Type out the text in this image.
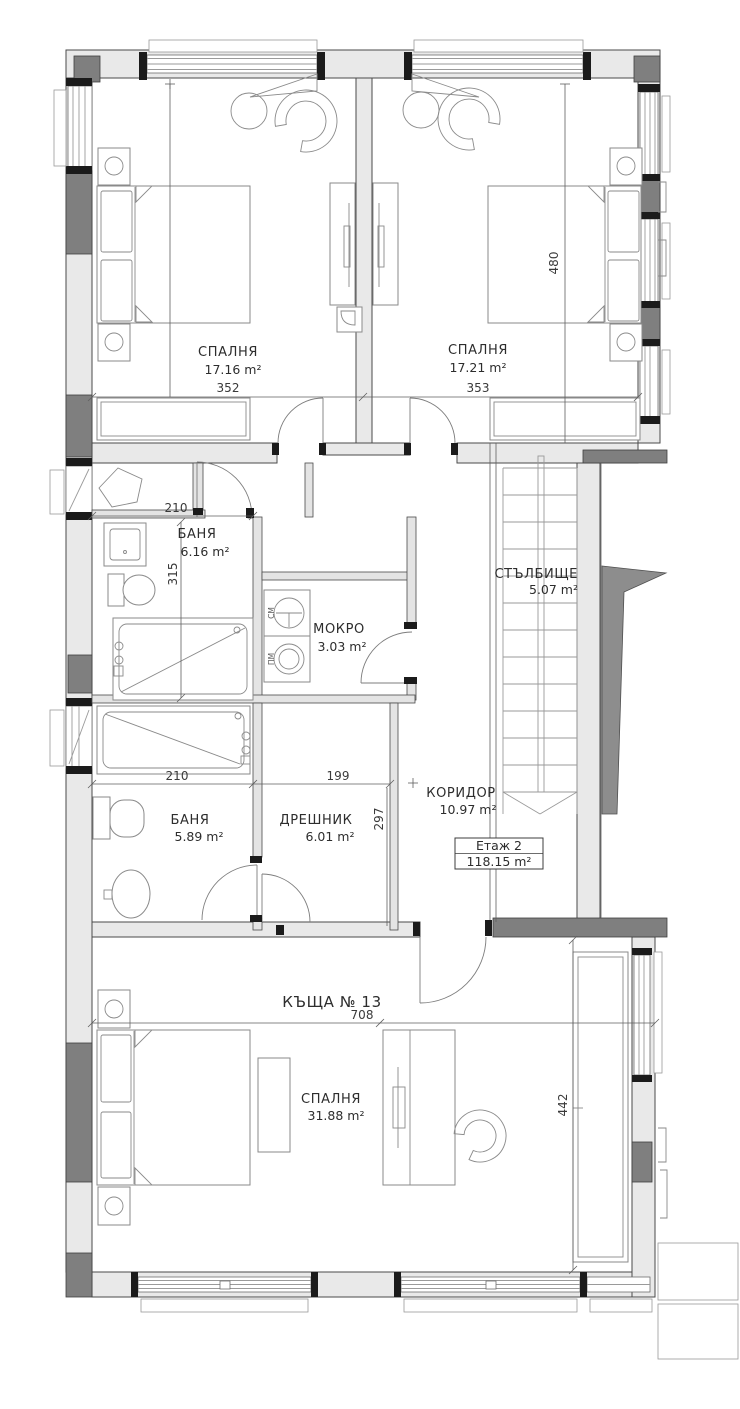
СМ
ПМ
СПАЛНЯ
17.16 m²
СПАЛНЯ
17.21 m²
БАНЯ
6.16 m²
МОКРО
3.03 m²
СТЪЛБИЩЕ
5.07 m²
КОРИДОР
10.97 m²
ДРЕШНИК
6.01 m²
БАНЯ
5.89 m²
СПАЛНЯ
31.88 m²
КЪЩА № 13
352	353
480
210
315
210	199
297
708
442
Етаж 2
118.15 m²
